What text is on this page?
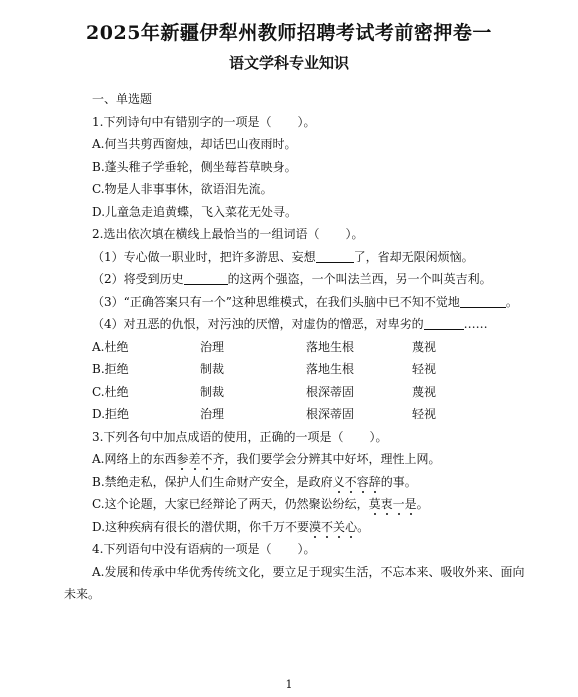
2025年新疆伊犁州教师招聘考试考前密押卷一
语文学科专业知识
一、单选题
1.下列诗句中有错别字的一项是（ ）。
A.何当共剪西窗烛，却话巴山夜雨时。
B.蓬头稚子学垂轮，侧坐莓苔草映身。
C.物是人非事事休，欲语泪先流。
D.儿童急走追黄蝶，飞入菜花无处寻。
2.选出依次填在横线上最恰当的一组词语（ ）。
（1）专心做一职业时，把许多游思、妄想	了，省却无限闲烦恼。
（2）将受到历史	的这两个强盗，一个叫法兰西，另一个叫英吉利。
（3）“正确答案只有一个”这种思维模式，在我们头脑中已不知不觉地	。
（4）对丑恶的仇恨，对污浊的厌憎，对虚伪的憎恶，对卑劣的	……
A.杜绝	治理	落地生根	蔑视
B.拒绝	制裁	落地生根	轻视
C.杜绝	制裁	根深蒂固	蔑视
D.拒绝	治理	根深蒂固	轻视
3.下列各句中加点成语的使用，正确的一项是（ ）。
A.网络上的东西参差不齐，我们要学会分辨其中好坏，理性上网。
B.禁绝走私，保护人们生命财产安全，是政府义不容辞的事。
C.这个论题，大家已经辩论了两天，仍然聚讼纷纭，莫衷一是。
D.这种疾病有很长的潜伏期，你千万不要漠不关心。
4.下列语句中没有语病的一项是（ ）。
A.发展和传承中华优秀传统文化，要立足于现实生活，不忘本来、吸收外来、面向
未来。
1
